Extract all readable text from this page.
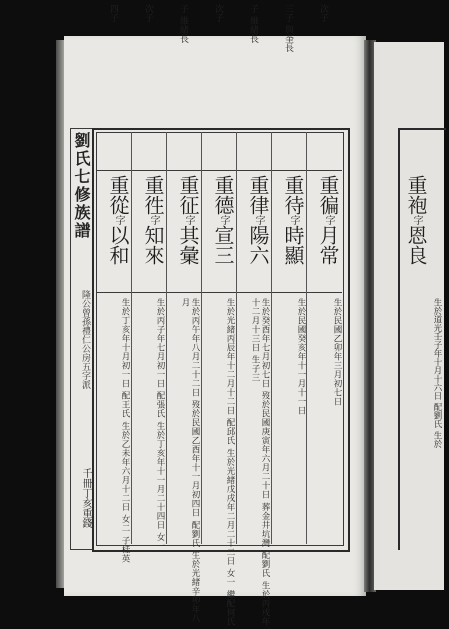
劉氏七修族譜
隆公曾孫禮仁公房五字派
千冊丁亥重錢
次子
重徧字月常
生於民國乙卯年三月初七日
三子 與奎長
重待字時顯
生於民國癸亥年十一月十一日
子 維緒長
重律字陽六
生於癸酉年七月初七日 歿於民國庚寅年六月二十日 葬金井坑灣 配劉氏 生於丙戌年十二月十三日 生子三
次子
重德字宣三
生於光緒丙辰年十二月十二日 配邱氏 生於光緒戊戌年二月二十二日 女一 繼配何氏
子 維緒長
重征字其彙
生於丙午年八月二十二日 歿於民國乙酉年十一月初四日 配劉氏 生於光緒辛卯年八月
次子
重徃字知來
生於丙子年七月初一日 配張氏 生於丁亥年十一月二十四日 女一
四子
重從字以和
生於丁亥年十月初一日 配王氏 生於乙未年六月十二日 女二 子桂英
重袍字恩良
生於道光壬子年十月十六日 配劉氏 生於
